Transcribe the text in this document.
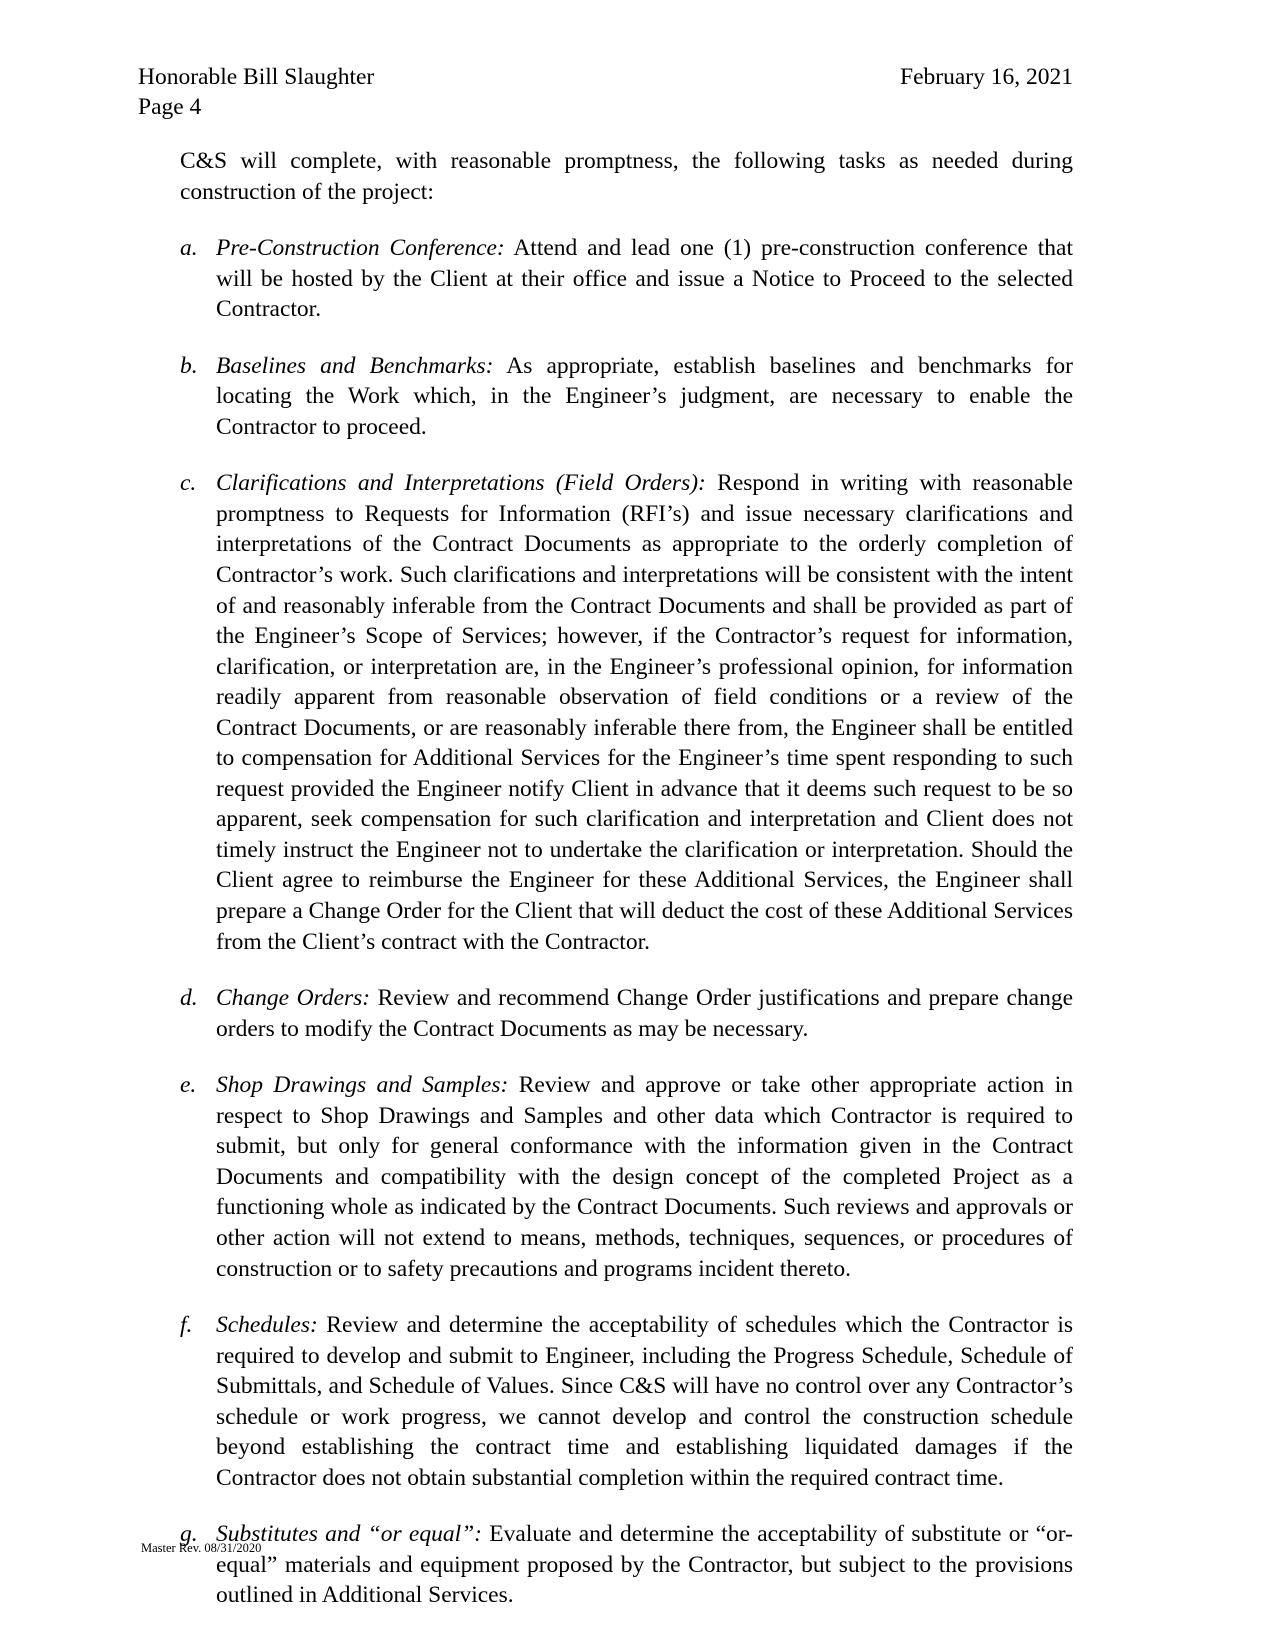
Honorable Bill Slaughter
Page 4
February 16, 2021

C&S will complete, with reasonable promptness, the following tasks as needed during construction of the project:

a. Pre-Construction Conference: Attend and lead one (1) pre-construction conference that will be hosted by the Client at their office and issue a Notice to Proceed to the selected Contractor.
b. Baselines and Benchmarks: As appropriate, establish baselines and benchmarks for locating the Work which, in the Engineer’s judgment, are necessary to enable the Contractor to proceed.
c. Clarifications and Interpretations (Field Orders): Respond in writing with reasonable promptness to Requests for Information (RFI’s) and issue necessary clarifications and interpretations of the Contract Documents as appropriate to the orderly completion of Contractor’s work. Such clarifications and interpretations will be consistent with the intent of and reasonably inferable from the Contract Documents and shall be provided as part of the Engineer’s Scope of Services; however, if the Contractor’s request for information, clarification, or interpretation are, in the Engineer’s professional opinion, for information readily apparent from reasonable observation of field conditions or a review of the Contract Documents, or are reasonably inferable there from, the Engineer shall be entitled to compensation for Additional Services for the Engineer’s time spent responding to such request provided the Engineer notify Client in advance that it deems such request to be so apparent, seek compensation for such clarification and interpretation and Client does not timely instruct the Engineer not to undertake the clarification or interpretation. Should the Client agree to reimburse the Engineer for these Additional Services, the Engineer shall prepare a Change Order for the Client that will deduct the cost of these Additional Services from the Client’s contract with the Contractor.
d. Change Orders: Review and recommend Change Order justifications and prepare change orders to modify the Contract Documents as may be necessary.
e. Shop Drawings and Samples: Review and approve or take other appropriate action in respect to Shop Drawings and Samples and other data which Contractor is required to submit, but only for general conformance with the information given in the Contract Documents and compatibility with the design concept of the completed Project as a functioning whole as indicated by the Contract Documents. Such reviews and approvals or other action will not extend to means, methods, techniques, sequences, or procedures of construction or to safety precautions and programs incident thereto.
f.	Schedules: Review and determine the acceptability of schedules which the Contractor is required to develop and submit to Engineer, including the Progress Schedule, Schedule of Submittals, and Schedule of Values. Since C&S will have no control over any Contractor’s schedule or work progress, we cannot develop and control the construction schedule beyond establishing the contract time and establishing liquidated damages if the Contractor does not obtain substantial completion within the required contract time.
g. Substitutes and “or equal”: Evaluate and determine the acceptability of substitute or “or-equal” materials and equipment proposed by the Contractor, but subject to the provisions outlined in Additional Services.
Master Rev. 08/31/2020
